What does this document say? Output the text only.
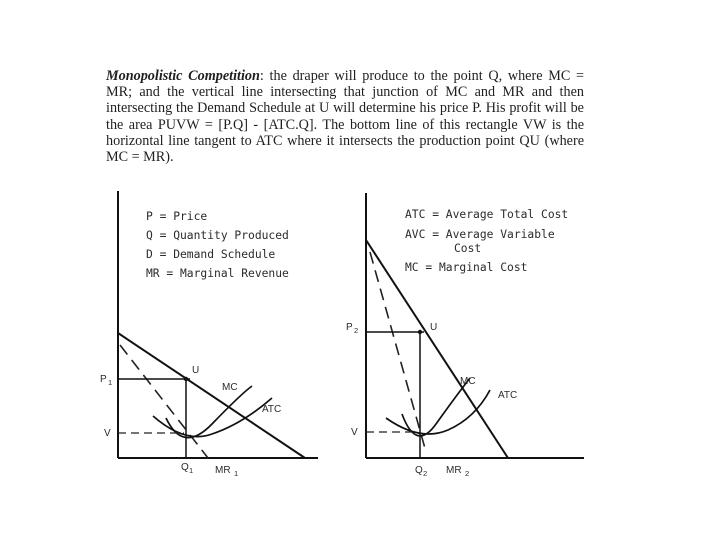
Monopolistic Competition: the draper will produce to the point Q, where MC = MR; and the vertical line intersecting that junction of MC and MR and then intersecting the Demand Schedule at U will determine his price P. His profit will be the area PUVW = [P.Q] - [ATC.Q]. The bottom line of this rectangle VW is the horizontal line tangent to ATC where it intersects the production point QU (where MC = MR).
P = Price
Q = Quantity Produced
D = Demand Schedule
MR = Marginal Revenue
P 1
U
MC
ATC
V
Q 1 MR 1
ATC = Average Total Cost
AVC = Average Variable
Cost
MC = Marginal Cost
P 2	U
MC
ATC
V
Q 2 MR 2
